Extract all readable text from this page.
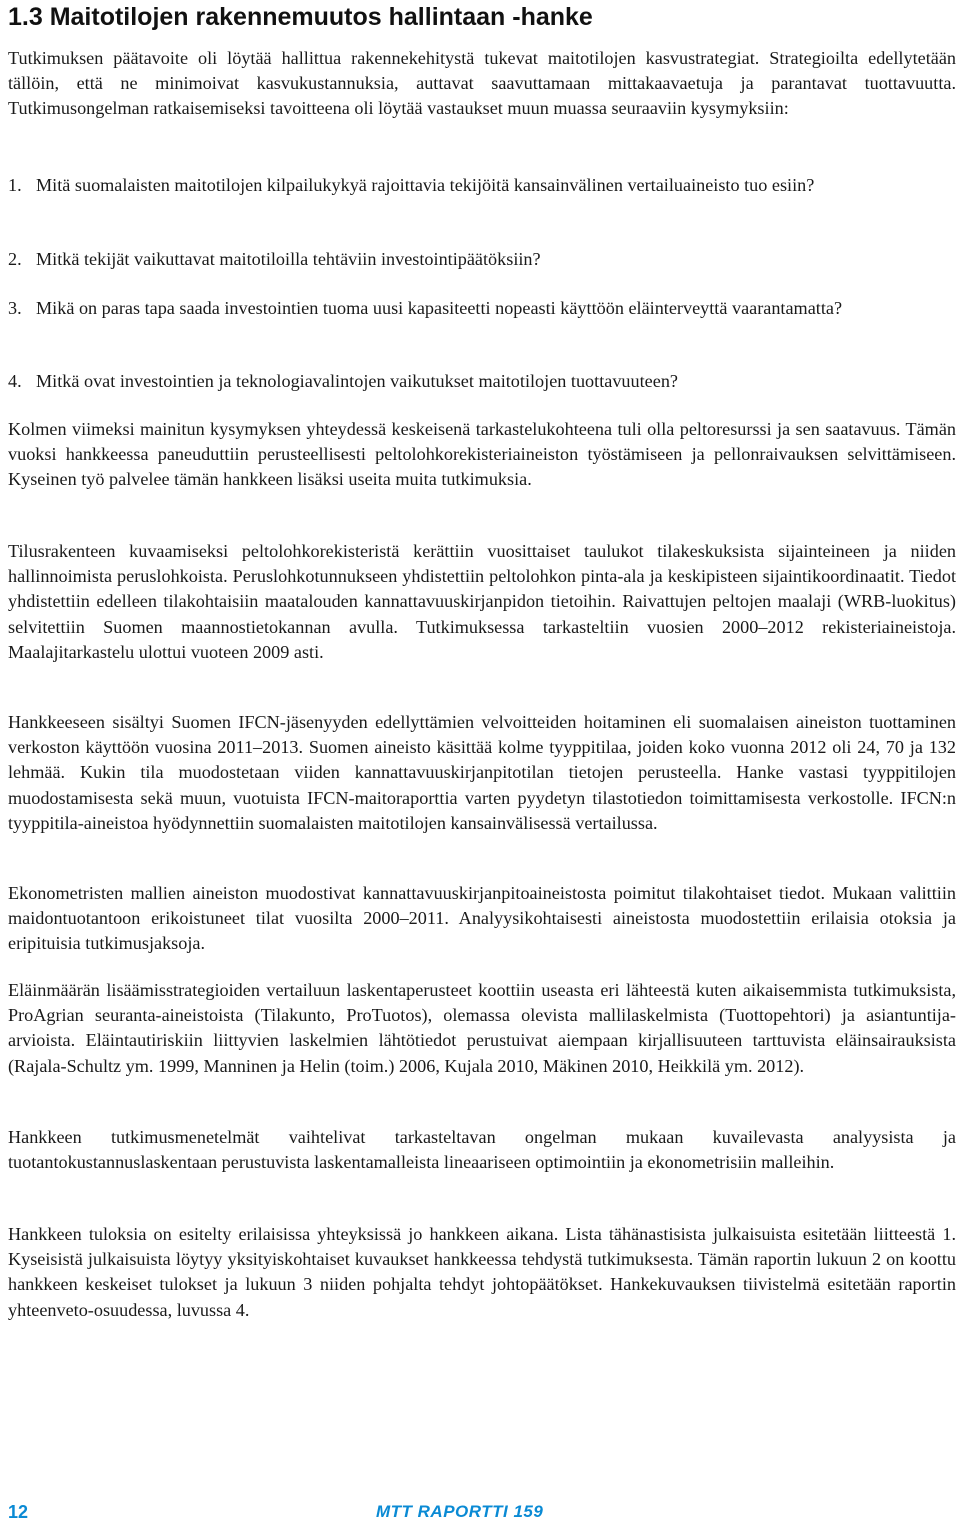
1.3 Maitotilojen rakennemuutos hallintaan -hanke

Tutkimuksen päätavoite oli löytää hallittua rakennekehitystä tukevat maitotilojen kasvustrategiat. Strategioilta edellytetään tällöin, että ne minimoivat kasvukustannuksia, auttavat saavuttamaan mittakaavaetuja ja parantavat tuottavuutta. Tutkimusongelman ratkaisemiseksi tavoitteena oli löytää vastaukset muun muassa seuraaviin kysymyksiin:

1. Mitä suomalaisten maitotilojen kilpailukykyä rajoittavia tekijöitä kansainvälinen vertailuaineisto tuo esiin?
2. Mitkä tekijät vaikuttavat maitotiloilla tehtäviin investointipäätöksiin?
3. Mikä on paras tapa saada investointien tuoma uusi kapasiteetti nopeasti käyttöön eläinterveyttä vaarantamatta?
4. Mitkä ovat investointien ja teknologiavalintojen vaikutukset maitotilojen tuottavuuteen?

Kolmen viimeksi mainitun kysymyksen yhteydessä keskeisenä tarkastelukohteena tuli olla peltoresurssi ja sen saatavuus. Tämän vuoksi hankkeessa paneuduttiin perusteellisesti peltolohkorekisteriaineiston työstämiseen ja pellonraivauksen selvittämiseen. Kyseinen työ palvelee tämän hankkeen lisäksi useita muita tutkimuksia.

Tilusrakenteen kuvaamiseksi peltolohkorekisteristä kerättiin vuosittaiset taulukot tilakeskuksista sijainteineen ja niiden hallinnoimista peruslohkoista. Peruslohkotunnukseen yhdistettiin peltolohkon pinta-ala ja keskipisteen sijaintikoordinaatit. Tiedot yhdistettiin edelleen tilakohtaisiin maatalouden kannattavuuskirjanpidon tietoihin. Raivattujen peltojen maalaji (WRB-luokitus) selvitettiin Suomen maannostietokannan avulla. Tutkimuksessa tarkasteltiin vuosien 2000–2012 rekisteriaineistoja. Maalajitarkastelu ulottui vuoteen 2009 asti.

Hankkeeseen sisältyi Suomen IFCN-jäsenyyden edellyttämien velvoitteiden hoitaminen eli suomalaisen aineiston tuottaminen verkoston käyttöön vuosina 2011–2013. Suomen aineisto käsittää kolme tyyppitilaa, joiden koko vuonna 2012 oli 24, 70 ja 132 lehmää. Kukin tila muodostetaan viiden kannattavuuskirjanpitotilan tietojen perusteella. Hanke vastasi tyyppitilojen muodostamisesta sekä muun, vuotuista IFCN-maitoraporttia varten pyydetyn tilastotiedon toimittamisesta verkostolle. IFCN:n tyyppitila-aineistoa hyödynnettiin suomalaisten maitotilojen kansainvälisessä vertailussa.

Ekonometristen mallien aineiston muodostivat kannattavuuskirjanpitoaineistosta poimitut tilakohtaiset tiedot. Mukaan valittiin maidontuotantoon erikoistuneet tilat vuosilta 2000–2011. Analyysikohtaisesti aineistosta muodostettiin erilaisia otoksia ja eripituisia tutkimusjaksoja.

Eläinmäärän lisäämisstrategioiden vertailuun laskentaperusteet koottiin useasta eri lähteestä kuten aikaisemmista tutkimuksista, ProAgrian seuranta-aineistoista (Tilakunto, ProTuotos), olemassa olevista mallilaskelmista (Tuottopehtori) ja asiantuntija-arvioista. Eläintautiriskiin liittyvien laskelmien lähtötiedot perustuivat aiempaan kirjallisuuteen tarttuvista eläinsairauksista (Rajala-Schultz ym. 1999, Manninen ja Helin (toim.) 2006, Kujala 2010, Mäkinen 2010, Heikkilä ym. 2012).

Hankkeen tutkimusmenetelmät vaihtelivat tarkasteltavan ongelman mukaan kuvailevasta analyysista ja tuotantokustannuslaskentaan perustuvista laskentamalleista lineaariseen optimointiin ja ekonometrisiin malleihin.

Hankkeen tuloksia on esitelty erilaisissa yhteyksissä jo hankkeen aikana. Lista tähänastisista julkaisuista esitetään liitteestä 1. Kyseisistä julkaisuista löytyy yksityiskohtaiset kuvaukset hankkeessa tehdystä tutkimuksesta. Tämän raportin lukuun 2 on koottu hankkeen keskeiset tulokset ja lukuun 3 niiden pohjalta tehdyt johtopäätökset. Hankekuvauksen tiivistelmä esitetään raportin yhteenveto-osuudessa, luvussa 4.

12	MTT RAPORTTI 159
